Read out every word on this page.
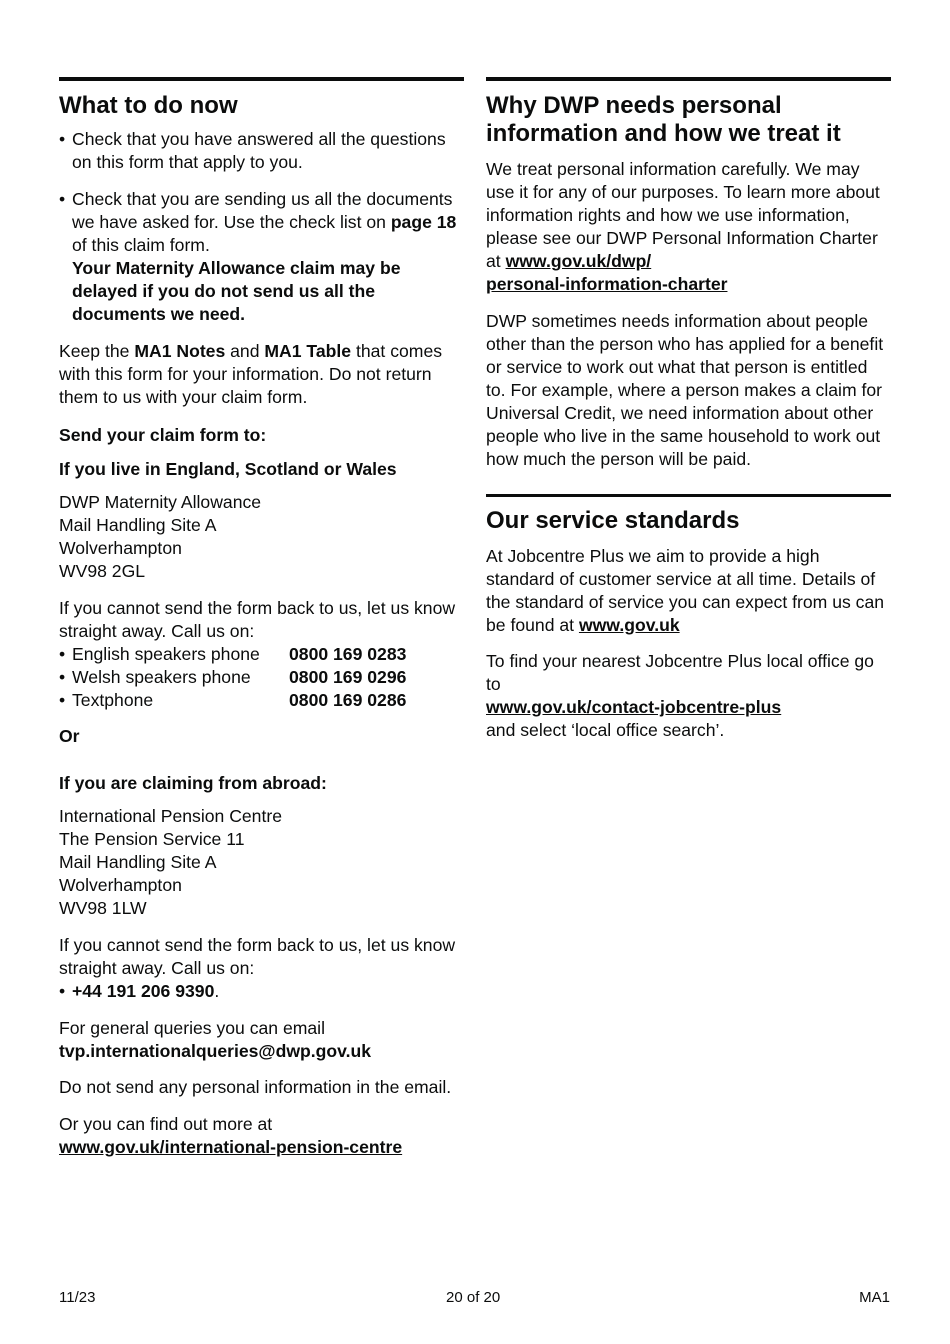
What to do now
• Check that you have answered all the questions on this form that apply to you.
• Check that you are sending us all the documents we have asked for. Use the check list on page 18 of this claim form.
Your Maternity Allowance claim may be delayed if you do not send us all the documents we need.

Keep the MA1 Notes and MA1 Table that comes with this form for your information. Do not return them to us with your claim form.

Send your claim form to:

If you live in England, Scotland or Wales

DWP Maternity Allowance

Mail Handling Site A

Wolverhampton

WV98 2GL

If you cannot send the form back to us, let us know straight away. Call us on:

• English speakers phone	0800 169 0283
• Welsh speakers phone	0800 169 0296
• Textphone	0800 169 0286

Or

If you are claiming from abroad:

International Pension Centre

The Pension Service 11

Mail Handling Site A

Wolverhampton

WV98 1LW

If you cannot send the form back to us, let us know straight away. Call us on:

• +44 191 206 9390.

For general queries you can email

tvp.internationalqueries@dwp.gov.uk

Do not send any personal information in the email.

Or you can find out more at

www.gov.uk/international-pension-centre

Why DWP needs personal
information and how we treat it

We treat personal information carefully. We may use it for any of our purposes. To learn more about information rights and how we use information, please see our DWP Personal Information Charter at www.gov.uk/dwp/
personal-information-charter

DWP sometimes needs information about people other than the person who has applied for a benefit or service to work out what that person is entitled to. For example, where a person makes a claim for Universal Credit, we need information about other people who live in the same household to work out how much the person will be paid.

Our service standards

At Jobcentre Plus we aim to provide a high standard of customer service at all time. Details of the standard of service you can expect from us can be found at www.gov.uk

To find your nearest Jobcentre Plus local office go to

www.gov.uk/contact-jobcentre-plus

and select ‘local office search’.

11/23	20 of 20	MA1
